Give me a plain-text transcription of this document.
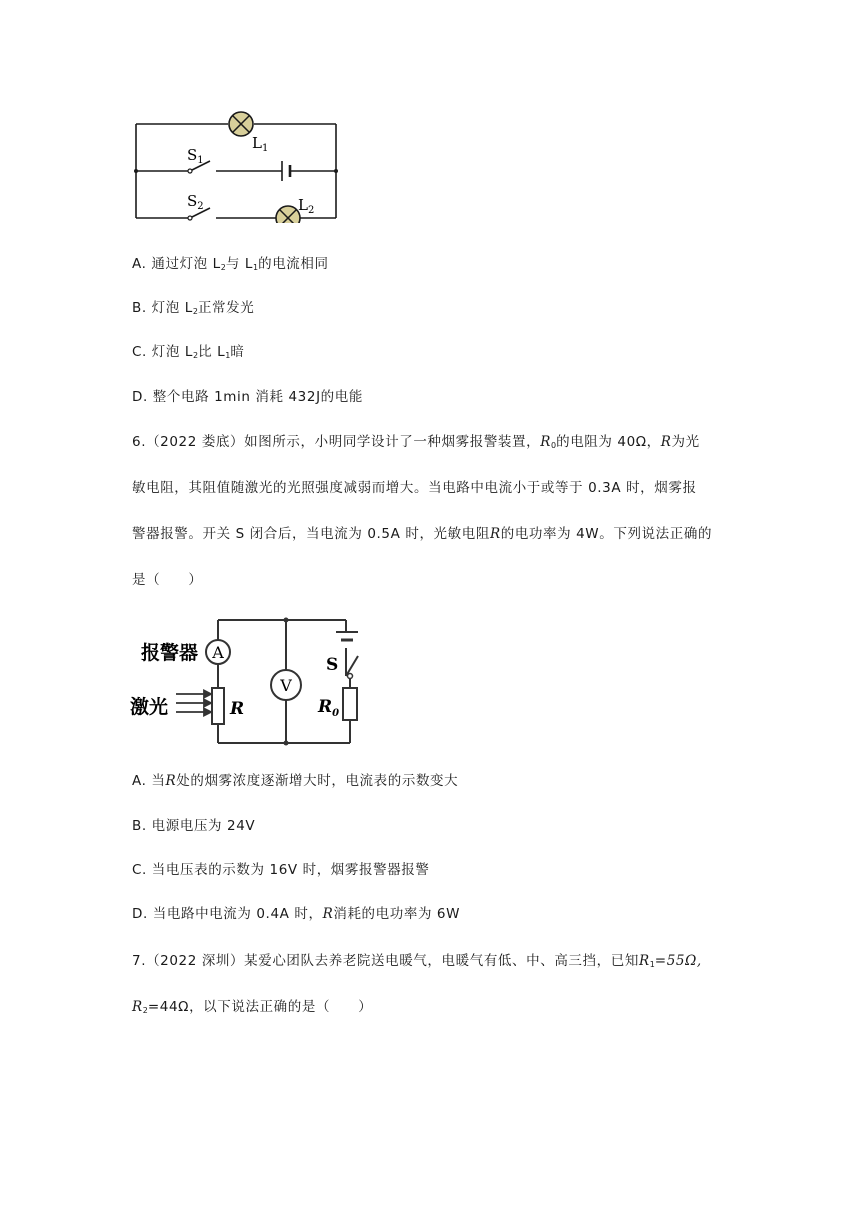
$L_1$
$S_1$
$S_2$	$L_2$
A. 通过灯泡 $L_2$与 $L_1$的电流相同
B. 灯泡 $L_2$正常发光
C. 灯泡 $L_2$比 $L_1$暗
D. 整个电路 1min 消耗 432J的电能
6.（2022 娄底）如图所示，小明同学设计了一种烟雾报警装置，$R_0$的电阻为 40Ω，R为光
敏电阻，其阻值随激光的光照强度减弱而增大。当电路中电流小于或等于 0.3A 时，烟雾报
警器报警。开关 S 闭合后，当电流为 0.5A 时，光敏电阻R的电功率为 4W。下列说法正确的
是（　　）
A
V
报警器
激光	R
S
$R_0$
A. 当R处的烟雾浓度逐渐增大时，电流表的示数变大
B. 电源电压为 24V
C. 当电压表的示数为 16V 时，烟雾报警器报警
D. 当电路中电流为 0.4A 时，R消耗的电功率为 6W
7.（2022 深圳）某爱心团队去养老院送电暖气，电暖气有低、中、高三挡，已知$R_1=55\Omega$,
$R_2=44\Omega$，以下说法正确的是（　　）
